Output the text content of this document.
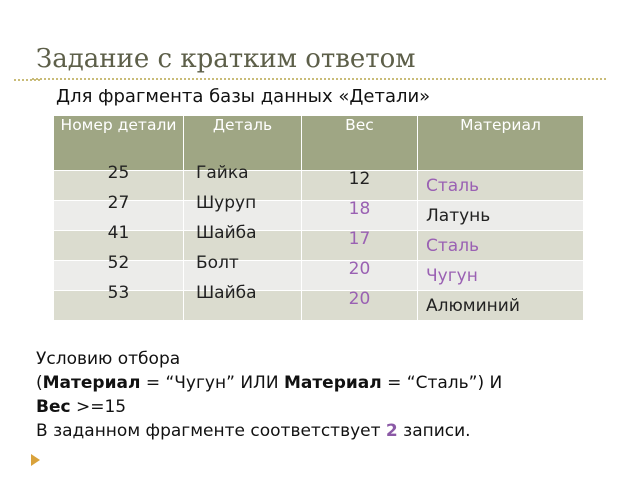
Задание с кратким ответом
Для фрагмента базы данных «Детали»
Номер детали	Деталь	Вес	Материал

25	Гайка	12	Сталь

27	Шуруп	18	Латунь

41	Шайба	17	Сталь

52	Болт	20	Чугун

53	Шайба	20	Алюминий
Условию отбора
(Материал = “Чугун” ИЛИ Материал = “Сталь”) И
Вес >=15
В заданном фрагменте соответствует 2 записи.
